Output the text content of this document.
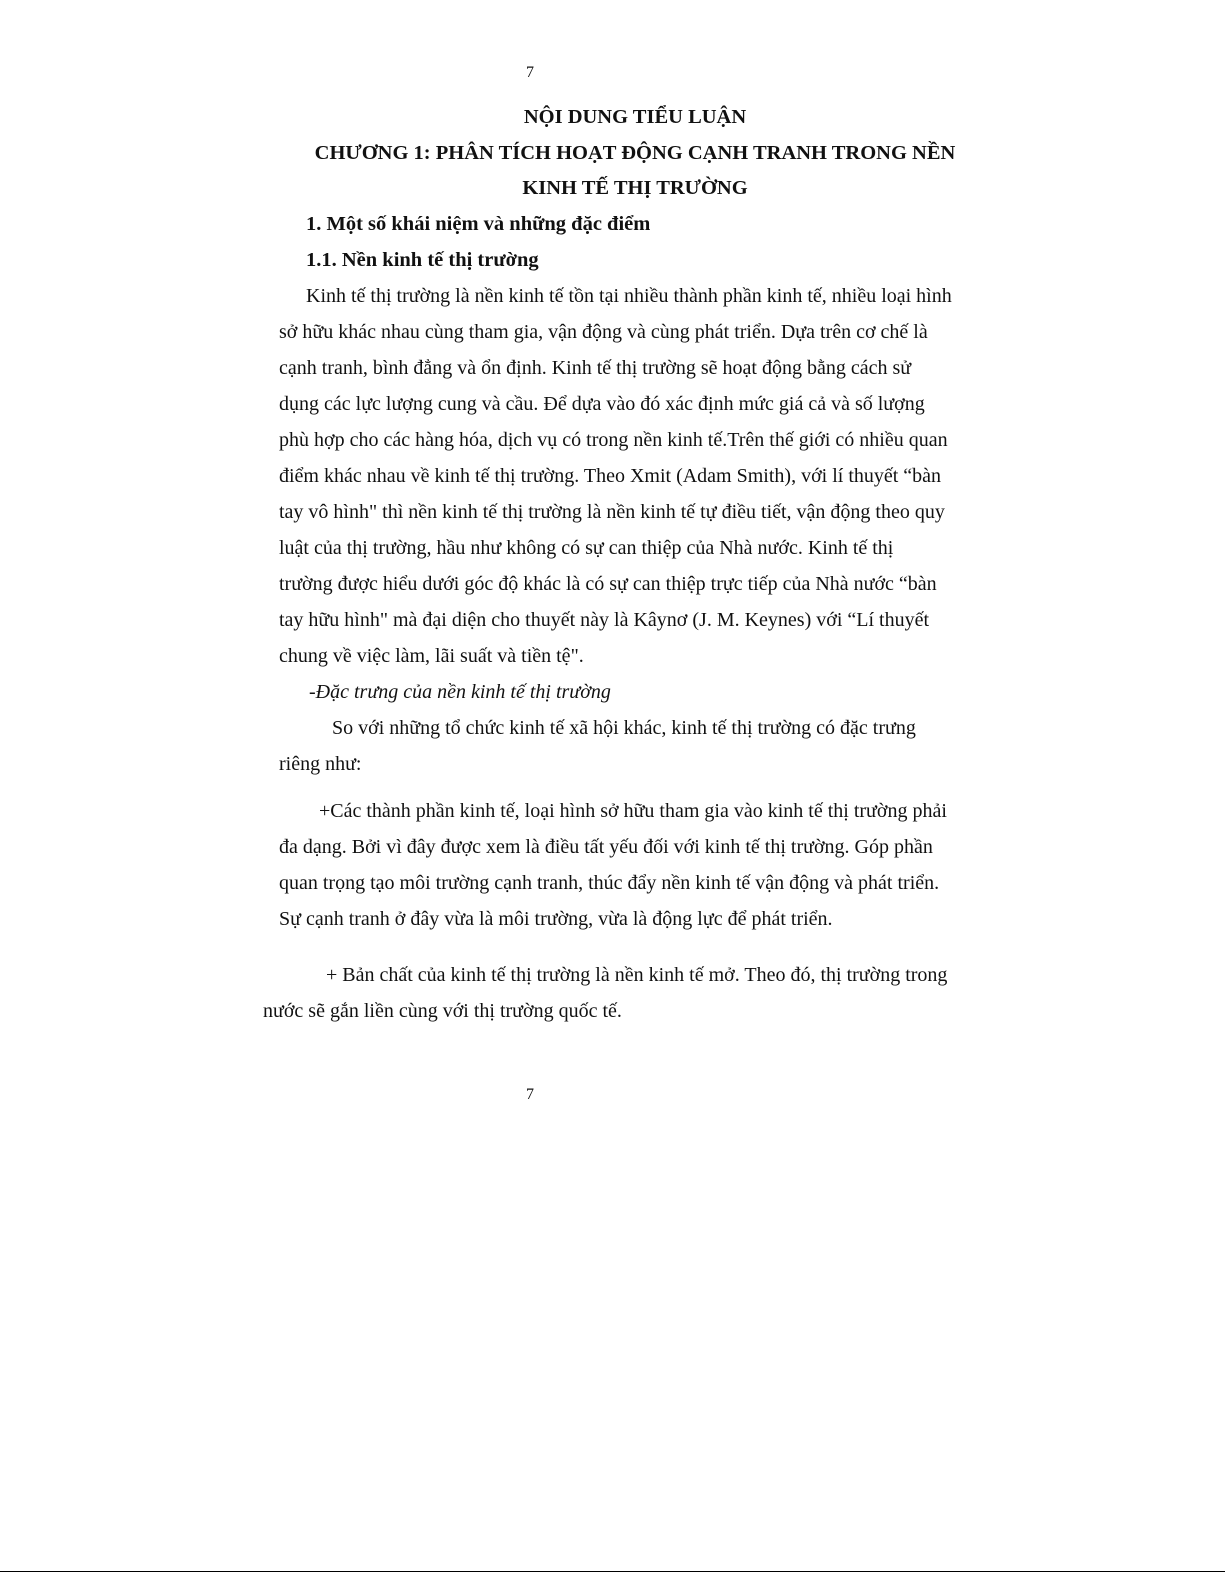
7
NỘI DUNG TIỂU LUẬN
CHƯƠNG 1: PHÂN TÍCH HOẠT ĐỘNG CẠNH TRANH TRONG NỀN
KINH TẾ THỊ TRƯỜNG
1. Một số khái niệm và những đặc điểm
1.1. Nền kinh tế thị trường
Kinh tế thị trường là nền kinh tế tồn tại nhiều thành phần kinh tế, nhiều loại hình
sở hữu khác nhau cùng tham gia, vận động và cùng phát triển. Dựa trên cơ chế là
cạnh tranh, bình đẳng và ổn định. Kinh tế thị trường sẽ hoạt động bằng cách sử
dụng các lực lượng cung và cầu. Để dựa vào đó xác định mức giá cả và số lượng
phù hợp cho các hàng hóa, dịch vụ có trong nền kinh tế.Trên thế giới có nhiều quan
điểm khác nhau về kinh tế thị trường. Theo Xmit (Adam Smith), với lí thuyết “bàn
tay vô hình" thì nền kinh tế thị trường là nền kinh tế tự điều tiết, vận động theo quy
luật của thị trường, hầu như không có sự can thiệp của Nhà nước. Kinh tế thị
trường được hiểu dưới góc độ khác là có sự can thiệp trực tiếp của Nhà nước “bàn
tay hữu hình" mà đại diện cho thuyết này là Kâynơ (J. M. Keynes) với “Lí thuyết
chung về việc làm, lãi suất và tiền tệ".
-Đặc trưng của nền kinh tế thị trường
So với những tổ chức kinh tế xã hội khác, kinh tế thị trường có đặc trưng
riêng như:
+Các thành phần kinh tế, loại hình sở hữu tham gia vào kinh tế thị trường phải
đa dạng. Bởi vì đây được xem là điều tất yếu đối với kinh tế thị trường. Góp phần
quan trọng tạo môi trường cạnh tranh, thúc đẩy nền kinh tế vận động và phát triển.
Sự cạnh tranh ở đây vừa là môi trường, vừa là động lực để phát triển.
+ Bản chất của kinh tế thị trường là nền kinh tế mở. Theo đó, thị trường trong
nước sẽ gắn liền cùng với thị trường quốc tế.
7
